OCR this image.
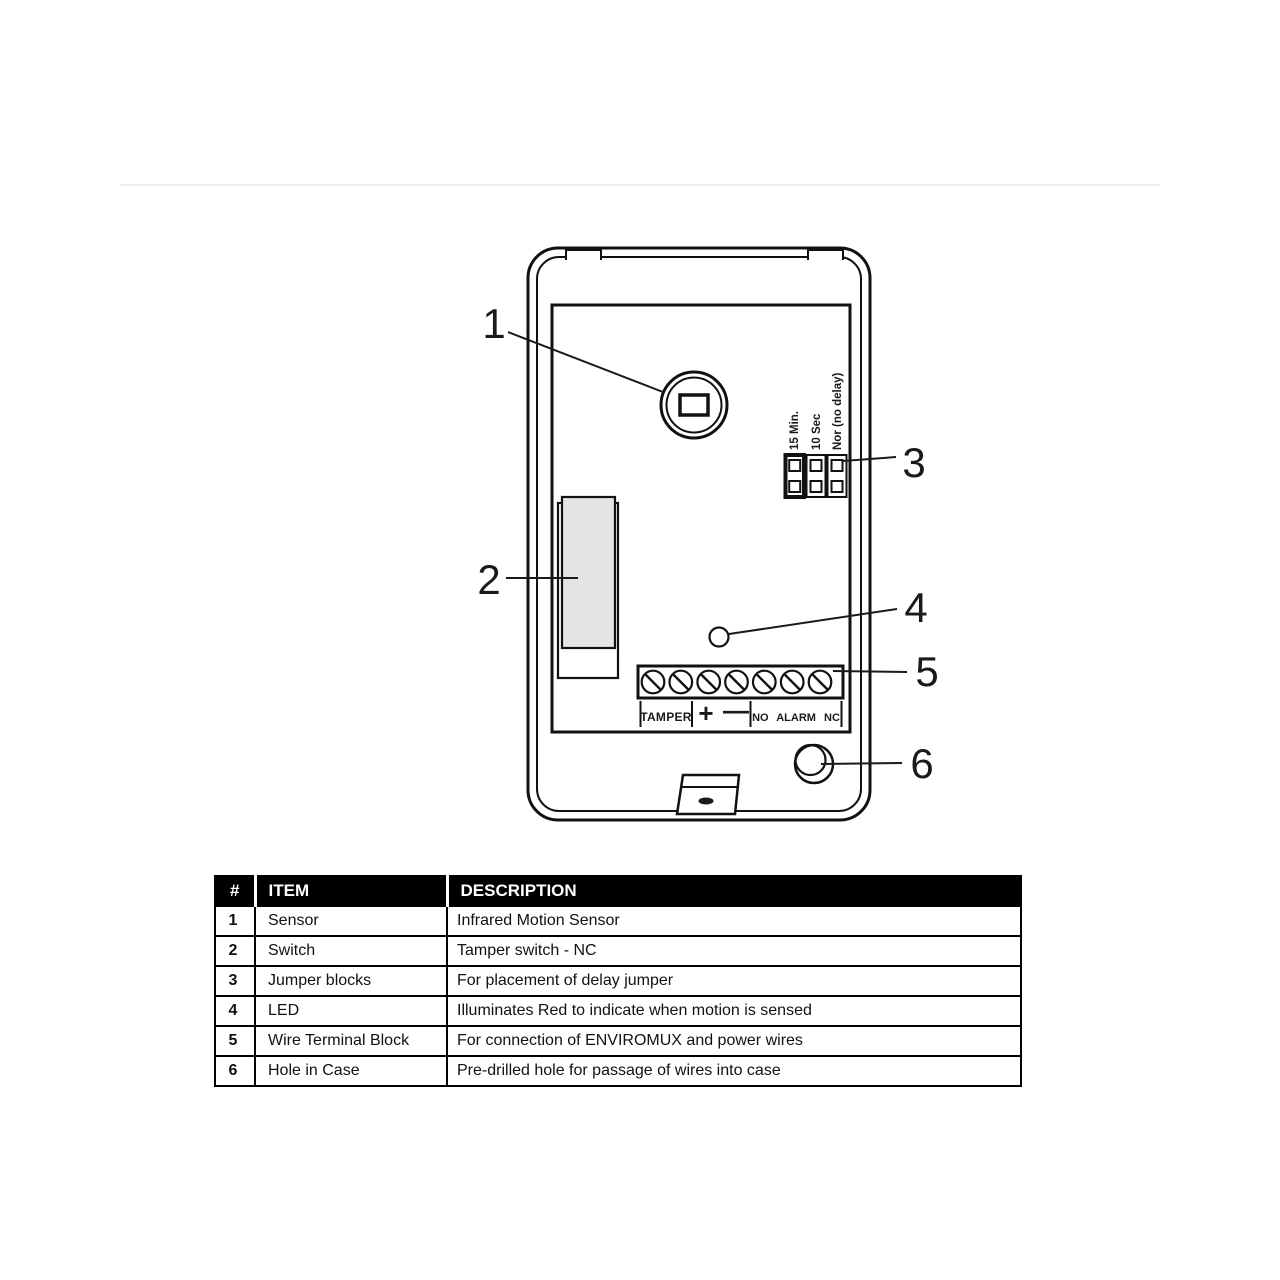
15 Min. 10 Sec Nor (no delay)
TAMPER + — NO ALARM NC
1
2
3
4
5
6
#	ITEM	DESCRIPTION
1	Sensor	Infrared Motion Sensor
2	Switch	Tamper switch - NC
3	Jumper blocks	For placement of delay jumper
4	LED	Illuminates Red to indicate when motion is sensed
5	Wire Terminal Block	For connection of ENVIROMUX and power wires
6	Hole in Case	Pre-drilled hole for passage of wires into case
